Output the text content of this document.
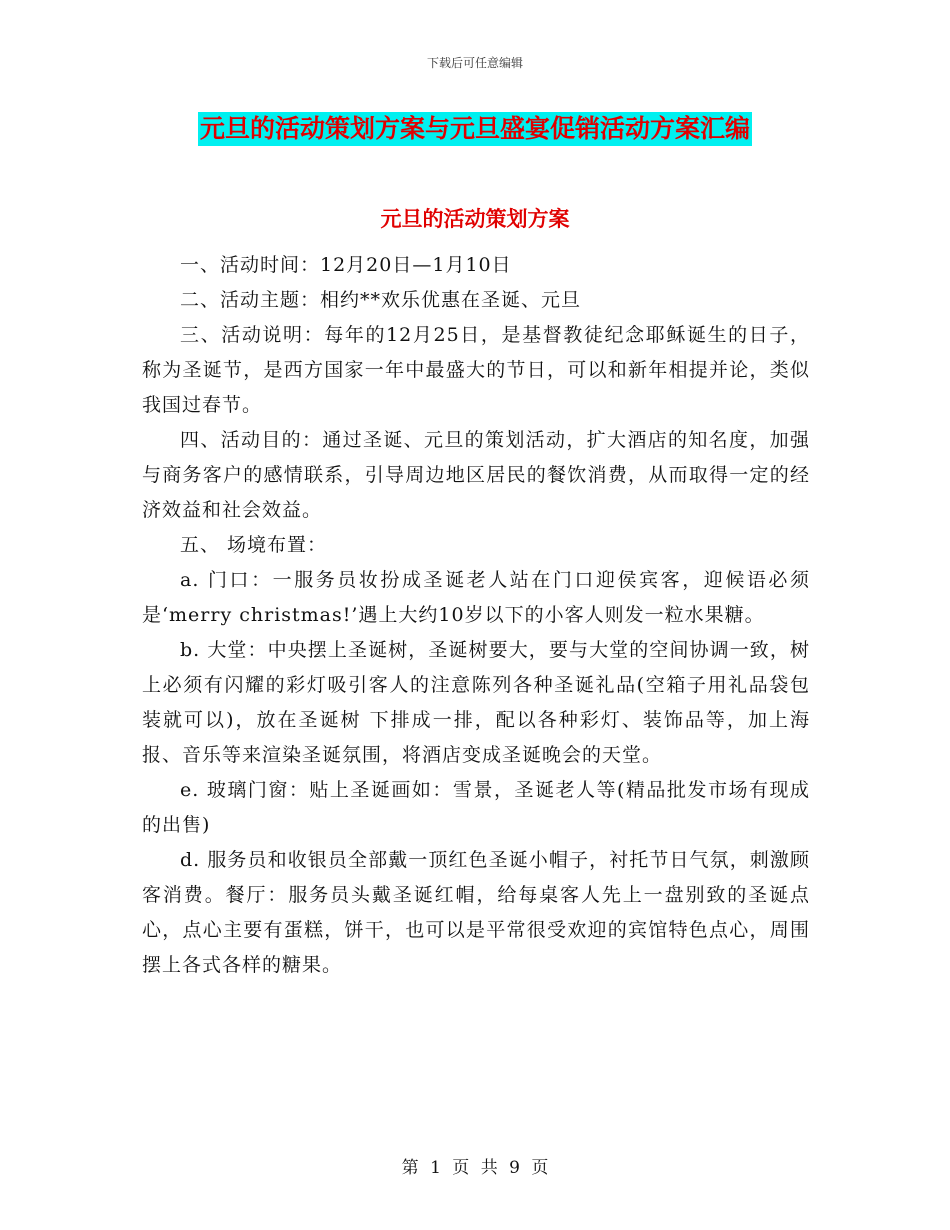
下载后可任意编辑
元旦的活动策划方案与元旦盛宴促销活动方案汇编
元旦的活动策划方案

一、活动时间：12月20日—1月10日

二、活动主题：相约**欢乐优惠在圣诞、元旦

三、活动说明：每年的12月25日，是基督教徒纪念耶稣诞生的日子，称为圣诞节，是西方国家一年中最盛大的节日，可以和新年相提并论，类似我国过春节。

四、活动目的：通过圣诞、元旦的策划活动，扩大酒店的知名度，加强与商务客户的感情联系，引导周边地区居民的餐饮消费，从而取得一定的经济效益和社会效益。

五、 场境布置：

a. 门口：一服务员妆扮成圣诞老人站在门口迎侯宾客，迎候语必须是‘merry christmas!’遇上大约10岁以下的小客人则发一粒水果糖。

b. 大堂：中央摆上圣诞树，圣诞树要大，要与大堂的空间协调一致，树上必须有闪耀的彩灯吸引客人的注意陈列各种圣诞礼品(空箱子用礼品袋包装就可以)，放在圣诞树 下排成一排，配以各种彩灯、装饰品等，加上海报、音乐等来渲染圣诞氛围，将酒店变成圣诞晚会的天堂。

e. 玻璃门窗：贴上圣诞画如：雪景，圣诞老人等(精品批发市场有现成的出售)

d. 服务员和收银员全部戴一顶红色圣诞小帽子，衬托节日气氛，刺激顾客消费。餐厅：服务员头戴圣诞红帽，给每桌客人先上一盘别致的圣诞点心，点心主要有蛋糕，饼干，也可以是平常很受欢迎的宾馆特色点心，周围摆上各式各样的糖果。

第 1 页 共 9 页
